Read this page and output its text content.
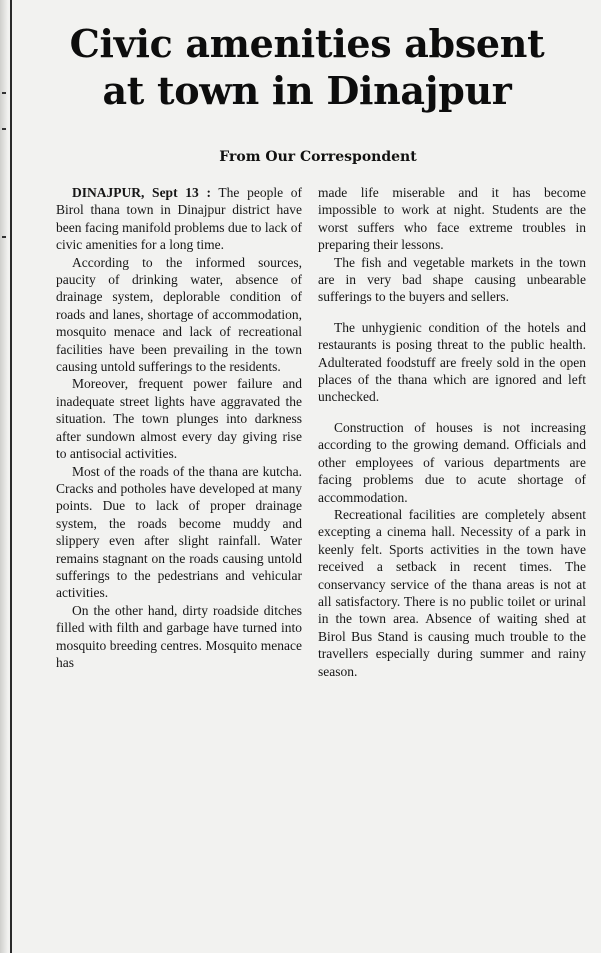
Civic amenities absent
at town in Dinajpur
From Our Correspondent

DINAJPUR, Sept 13 : The people of Birol thana town in Dinajpur district have been facing manifold problems due to lack of civic amenities for a long time.

According to the informed sources, paucity of drinking water, absence of drainage system, deplorable condition of roads and lanes, shortage of accommodation, mosquito menace and lack of recreational facilities have been prevailing in the town causing untold sufferings to the residents.

Moreover, frequent power failure and inadequate street lights have aggravated the situation. The town plunges into darkness after sundown almost every day giving rise to antisocial activities.

Most of the roads of the thana are kutcha. Cracks and potholes have developed at many points. Due to lack of proper drainage system, the roads become muddy and slippery even after slight rainfall. Water remains stagnant on the roads causing untold sufferings to the pedestrians and vehicular activities.

On the other hand, dirty roadside ditches filled with filth and garbage have turned into mosquito breeding centres. Mosquito menace has

made life miserable and it has become impossible to work at night. Students are the worst suffers who face extreme troubles in preparing their lessons.

The fish and vegetable markets in the town are in very bad shape causing unbearable sufferings to the buyers and sellers.

The unhygienic condition of the hotels and restaurants is posing threat to the public health. Adulterated foodstuff are freely sold in the open places of the thana which are ignored and left unchecked.

Construction of houses is not increasing according to the growing demand. Officials and other employees of various departments are facing problems due to acute shortage of accommodation.

Recreational facilities are completely absent excepting a cinema hall. Necessity of a park in keenly felt. Sports activities in the town have received a setback in recent times. The conservancy service of the thana areas is not at all satisfactory. There is no public toilet or urinal in the town area. Absence of waiting shed at Birol Bus Stand is causing much trouble to the travellers especially during summer and rainy season.
